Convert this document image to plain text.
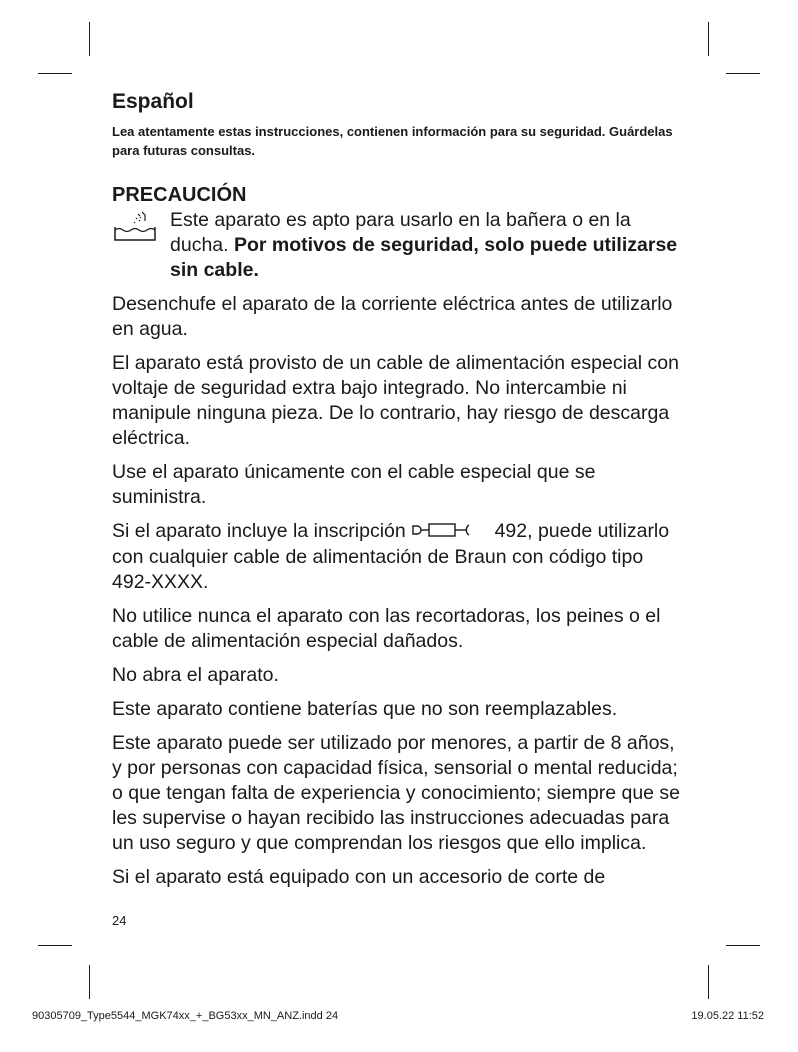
Español

Lea atentamente estas instrucciones, contienen información para su seguridad. Guárdelas para futuras consultas.

PRECAUCIÓN

Este aparato es apto para usarlo en la bañera o en la ducha. Por motivos de seguridad, solo puede utilizarse sin cable.

Desenchufe el aparato de la corriente eléctrica antes de utilizarlo en agua.

El aparato está provisto de un cable de alimentación especial con voltaje de seguridad extra bajo integrado. No intercambie ni manipule ninguna pieza. De lo contrario, hay riesgo de descarga eléctrica.

Use el aparato únicamente con el cable especial que se suministra.

Si el aparato incluye la inscripción	492, puede utilizarlo con cualquier cable de alimentación de Braun con código tipo 492-XXXX.

No utilice nunca el aparato con las recortadoras, los peines o el cable de alimentación especial dañados.

No abra el aparato.

Este aparato contiene baterías que no son reemplazables.

Este aparato puede ser utilizado por menores, a partir de 8 años, y por personas con capacidad física, sensorial o mental reducida; o que tengan falta de experiencia y conocimiento; siempre que se les supervise o hayan recibido las instrucciones adecuadas para un uso seguro y que comprendan los riesgos que ello implica.

Si el aparato está equipado con un accesorio de corte de

24
90305709_Type5544_MGK74xx_+_BG53xx_MN_ANZ.indd 24	19.05.22 11:52
